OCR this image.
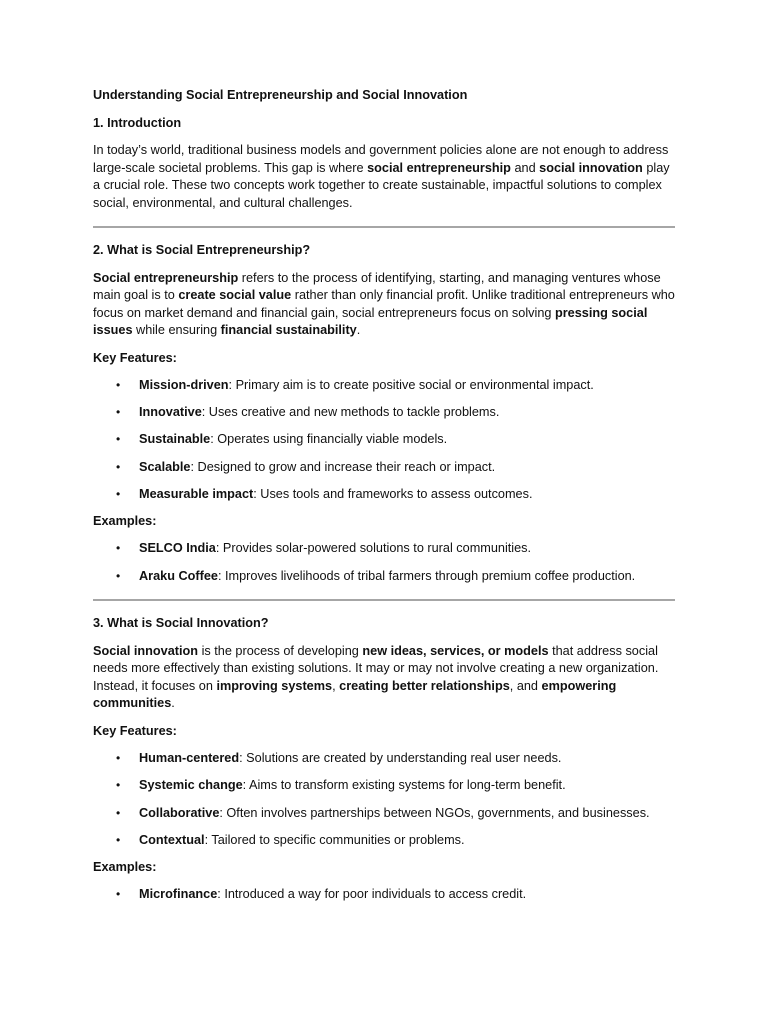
Understanding Social Entrepreneurship and Social Innovation
1. Introduction

In today’s world, traditional business models and government policies alone are not enough to address large-scale societal problems. This gap is where social entrepreneurship and social innovation play a crucial role. These two concepts work together to create sustainable, impactful solutions to complex social, environmental, and cultural challenges.

2. What is Social Entrepreneurship?

Social entrepreneurship refers to the process of identifying, starting, and managing ventures whose main goal is to create social value rather than only financial profit. Unlike traditional entrepreneurs who focus on market demand and financial gain, social entrepreneurs focus on solving pressing social issues while ensuring financial sustainability.

Key Features:
• Mission-driven: Primary aim is to create positive social or environmental impact.
• Innovative: Uses creative and new methods to tackle problems.
• Sustainable: Operates using financially viable models.
• Scalable: Designed to grow and increase their reach or impact.
• Measurable impact: Uses tools and frameworks to assess outcomes.
Examples:
• SELCO India: Provides solar-powered solutions to rural communities.
• Araku Coffee: Improves livelihoods of tribal farmers through premium coffee production.
3. What is Social Innovation?

Social innovation is the process of developing new ideas, services, or models that address social needs more effectively than existing solutions. It may or may not involve creating a new organization. Instead, it focuses on improving systems, creating better relationships, and empowering communities.

Key Features:
• Human-centered: Solutions are created by understanding real user needs.
• Systemic change: Aims to transform existing systems for long-term benefit.
• Collaborative: Often involves partnerships between NGOs, governments, and businesses.
• Contextual: Tailored to specific communities or problems.
Examples:
• Microfinance: Introduced a way for poor individuals to access credit.
